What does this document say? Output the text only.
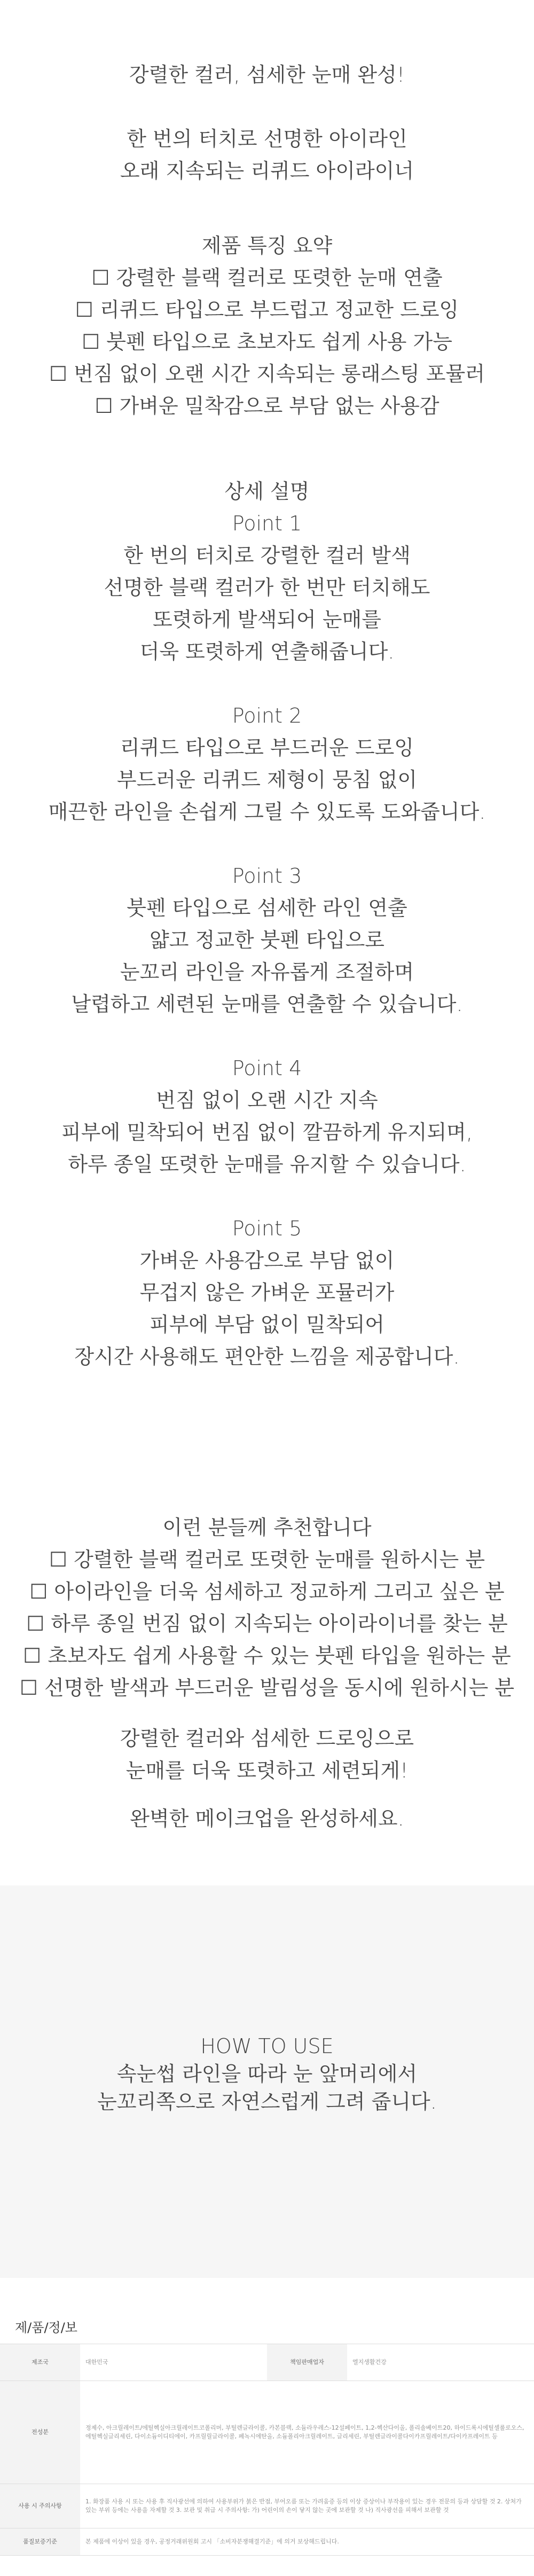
강렬한 컬러, 섬세한 눈매 완성!
한 번의 터치로 선명한 아이라인
오래 지속되는 리퀴드 아이라이너
제품 특징 요약
☐ 강렬한 블랙 컬러로 또렷한 눈매 연출
☐ 리퀴드 타입으로 부드럽고 정교한 드로잉
☐ 붓펜 타입으로 초보자도 쉽게 사용 가능
☐ 번짐 없이 오랜 시간 지속되는 롱래스팅 포뮬러
☐ 가벼운 밀착감으로 부담 없는 사용감
상세 설명
Point 1
한 번의 터치로 강렬한 컬러 발색
선명한 블랙 컬러가 한 번만 터치해도
또렷하게 발색되어 눈매를
더욱 또렷하게 연출해줍니다.
Point 2
리퀴드 타입으로 부드러운 드로잉
부드러운 리퀴드 제형이 뭉침 없이
매끈한 라인을 손쉽게 그릴 수 있도록 도와줍니다.
Point 3
붓펜 타입으로 섬세한 라인 연출
얇고 정교한 붓펜 타입으로
눈꼬리 라인을 자유롭게 조절하며
날렵하고 세련된 눈매를 연출할 수 있습니다.
Point 4
번짐 없이 오랜 시간 지속
피부에 밀착되어 번짐 없이 깔끔하게 유지되며,
하루 종일 또렷한 눈매를 유지할 수 있습니다.
Point 5
가벼운 사용감으로 부담 없이
무겁지 않은 가벼운 포뮬러가
피부에 부담 없이 밀착되어
장시간 사용해도 편안한 느낌을 제공합니다.
이런 분들께 추천합니다
☐ 강렬한 블랙 컬러로 또렷한 눈매를 원하시는 분
☐ 아이라인을 더욱 섬세하고 정교하게 그리고 싶은 분
☐ 하루 종일 번짐 없이 지속되는 아이라이너를 찾는 분
☐ 초보자도 쉽게 사용할 수 있는 붓펜 타입을 원하는 분
☐ 선명한 발색과 부드러운 발림성을 동시에 원하시는 분
강렬한 컬러와 섬세한 드로잉으로
눈매를 더욱 또렷하고 세련되게!
완벽한 메이크업을 완성하세요.
HOW TO USE
속눈썹 라인을 따라 눈 앞머리에서
눈꼬리쪽으로 자연스럽게 그려 줍니다.
제/품/정/보
제조국	대한민국	책임판매업자	엘지생활건강
전성분	정제수, 아크릴레이트/에틸헥실아크릴레이트코폴리머, 부틸렌글라이콜, 카본블랙, 소듐라우레스-12설페이트, 1,2-헥산다이올, 폴리솔베이트20, 하이드록시에틸셀룰로오스, 에틸헥실글리세린, 다이소듐이디티에이, 카프릴릴글라이콜, 페녹시에탄올, 소듐폴리아크릴레이트, 글리세린, 부틸렌글라이콜다이카프릴레이트/다이카프레이트 등		
사용 시 주의사항	1. 화장품 사용 시 또는 사용 후 직사광선에 의하여 사용부위가 붉은 반점, 부어오름 또는 가려움증 등의 이상 증상이나 부작용이 있는 경우 전문의 등과 상담할 것 2. 상처가 있는 부위 등에는 사용을 자제할 것 3. 보관 및 취급 시 주의사항: 가) 어린이의 손이 닿지 않는 곳에 보관할 것 나) 직사광선을 피해서 보관할 것		
품질보증기준	본 제품에 이상이 있을 경우, 공정거래위원회 고시 「소비자분쟁해결기준」에 의거 보상해드립니다.		
